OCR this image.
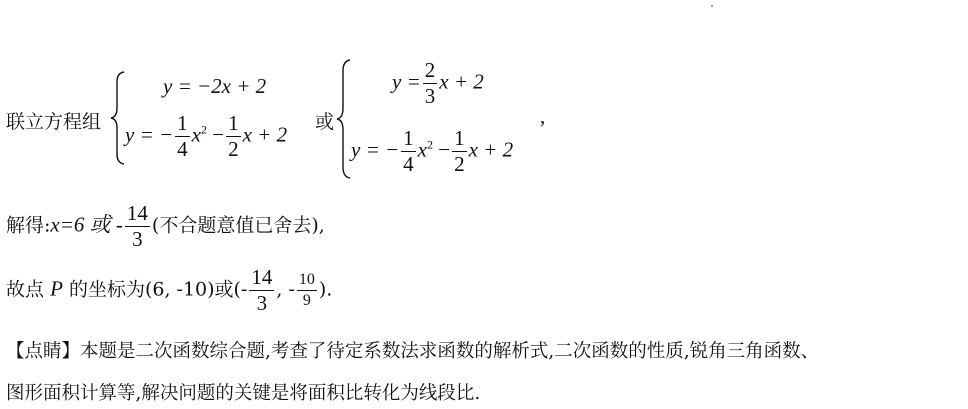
联立方程组
y = −2x + 2
y = − $\frac{1}{4} x^2 - \frac{1}{2}$ x + 2
或
$y = \frac{2}{3}$ x + 2
y = − $\frac{1}{4} x^2 - \frac{1}{2}$ x + 2
,
解得:x=6 或 - $\frac{14}{3}$ (不合题意值已舍去),
故点 P 的坐标为(6, -10)或(- $\frac{14}{3}$ , - $\frac{10}{9}$ ).
【点睛】本题是二次函数综合题,考查了待定系数法求函数的解析式,二次函数的性质,锐角三角函数、
图形面积计算等,解决问题的关键是将面积比转化为线段比.
